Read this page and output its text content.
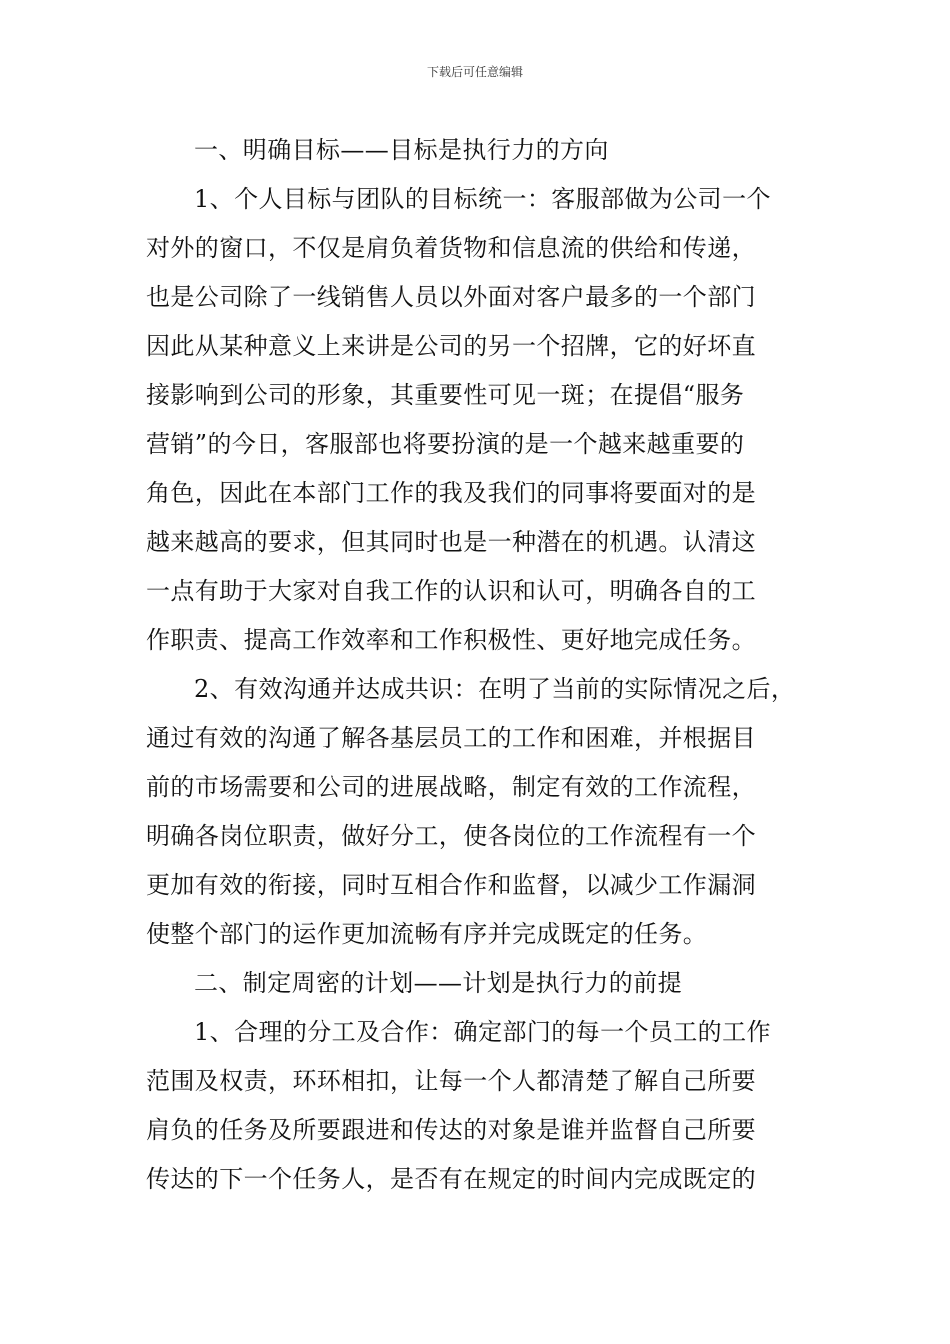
下载后可任意编辑
一、明确目标——目标是执行力的方向
1、个人目标与团队的目标统一：客服部做为公司一个
对外的窗口，不仅是肩负着货物和信息流的供给和传递，
也是公司除了一线销售人员以外面对客户最多的一个部门
因此从某种意义上来讲是公司的另一个招牌，它的好坏直
接影响到公司的形象，其重要性可见一斑；在提倡“服务
营销”的今日，客服部也将要扮演的是一个越来越重要的
角色，因此在本部门工作的我及我们的同事将要面对的是
越来越高的要求，但其同时也是一种潜在的机遇。认清这
一点有助于大家对自我工作的认识和认可，明确各自的工
作职责、提高工作效率和工作积极性、更好地完成任务。
2、有效沟通并达成共识：在明了当前的实际情况之后，
通过有效的沟通了解各基层员工的工作和困难，并根据目
前的市场需要和公司的进展战略，制定有效的工作流程，
明确各岗位职责，做好分工，使各岗位的工作流程有一个
更加有效的衔接，同时互相合作和监督，以减少工作漏洞
使整个部门的运作更加流畅有序并完成既定的任务。
二、制定周密的计划——计划是执行力的前提
1、合理的分工及合作：确定部门的每一个员工的工作
范围及权责，环环相扣，让每一个人都清楚了解自己所要
肩负的任务及所要跟进和传达的对象是谁并监督自己所要
传达的下一个任务人，是否有在规定的时间内完成既定的
